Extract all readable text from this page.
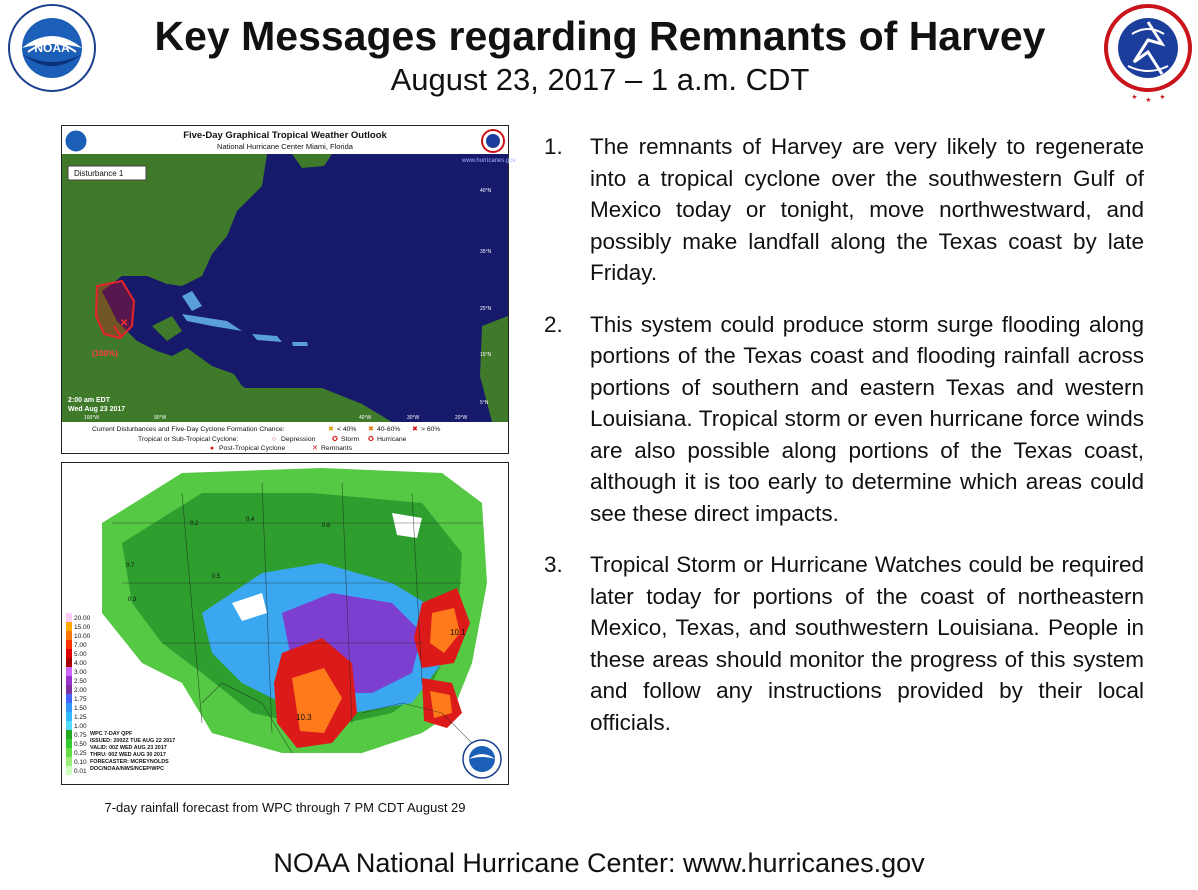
NOAA	Key Messages regarding Remnants of Harvey
August 23, 2017 – 1 a.m. CDT
✕
(100%)
40°N
35°N
25°N
15°N
5°N
100°W	90°W	40°W	30°W	20°W
www.hurricanes.gov
Five-Day Graphical Tropical Weather Outlook
National Hurricane Center Miami, Florida
Disturbance 1
2:00 am EDT
Wed Aug 23 2017
Current Disturbances and Five-Day Cyclone Formation Chance:	✖ < 40% ✖ 40-60% ✖ > 60%
Tropical or Sub-Tropical Cyclone:	○ Depression ✪ Storm ✪ Hurricane
● Post-Tropical Cyclone	✕ Remnants
10.1
10.3
0.4
0.2
0.3
0.5
0.7
0.6
20.00
15.00
10.00
7.00
5.00
4.00
3.00
2.50
2.00
1.75
1.50
1.25
1.00
0.75
0.50
0.25
0.10
0.01
WPC 7-DAY QPF
ISSUED: 2002Z TUE AUG 22 2017
VALID: 00Z WED AUG 23 2017
THRU: 00Z WED AUG 30 2017
FORECASTER: MCREYNOLDS
DOC/NOAA/NWS/NCEP/WPC
7-day rainfall forecast from WPC through 7 PM CDT August 29
1. The remnants of Harvey are very likely to regenerate into a tropical cyclone over the southwestern Gulf of Mexico today or tonight, move northwestward, and possibly make landfall along the Texas coast by late Friday.
2. This system could produce storm surge flooding along portions of the Texas coast and flooding rainfall across portions of southern and eastern Texas and western Louisiana. Tropical storm or even hurricane force winds are also possible along portions of the Texas coast, although it is too early to determine which areas could see these direct impacts.
3. Tropical Storm or Hurricane Watches could be required later today for portions of the coast of northeastern Mexico, Texas, and southwestern Louisiana. People in these areas should monitor the progress of this system and follow any instructions provided by their local officials.
NOAA National Hurricane Center: www.hurricanes.gov
